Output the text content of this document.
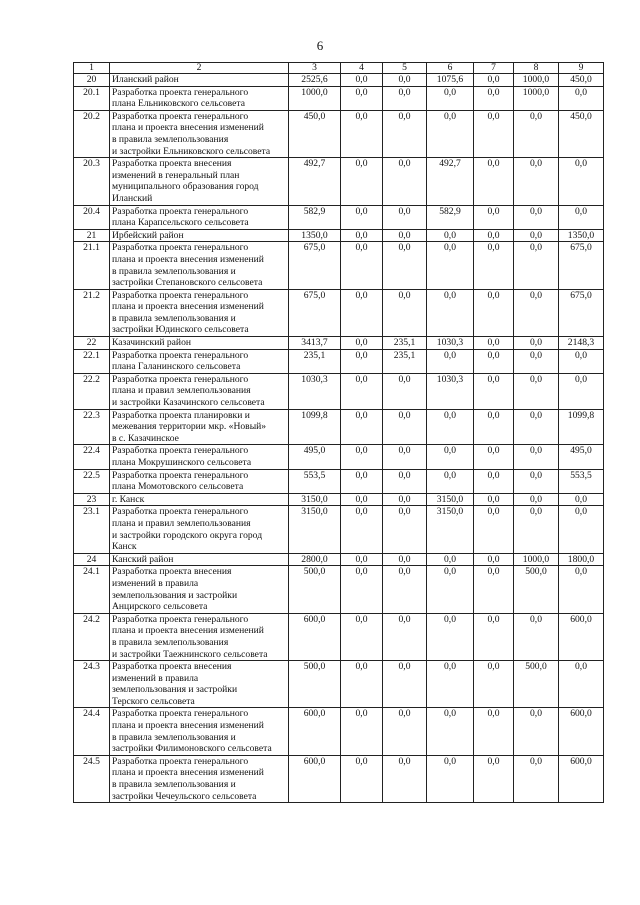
6
1	2	3	4	5	6	7	8	9
20	Иланский район	2525,6	0,0	0,0	1075,6	0,0	1000,0	450,0
20.1	Разработка проекта генерального
плана Ельниковского сельсовета	1000,0	0,0	0,0	0,0	0,0	1000,0	0,0
20.2	Разработка проекта генерального
плана и проекта внесения изменений
в правила землепользования
и застройки Ельниковского сельсовета	450,0	0,0	0,0	0,0	0,0	0,0	450,0
20.3	Разработка проекта внесения
изменений в генеральный план
муниципального образования город
Иланский	492,7	0,0	0,0	492,7	0,0	0,0	0,0
20.4	Разработка проекта генерального
плана Карапсельского сельсовета	582,9	0,0	0,0	582,9	0,0	0,0	0,0
21	Ирбейский район	1350,0	0,0	0,0	0,0	0,0	0,0	1350,0
21.1	Разработка проекта генерального
плана и проекта внесения изменений
в правила землепользования и
застройки Степановского сельсовета	675,0	0,0	0,0	0,0	0,0	0,0	675,0
21.2	Разработка проекта генерального
плана и проекта внесения изменений
в правила землепользования и
застройки Юдинского сельсовета	675,0	0,0	0,0	0,0	0,0	0,0	675,0
22	Казачинский район	3413,7	0,0	235,1	1030,3	0,0	0,0	2148,3
22.1	Разработка проекта генерального
плана Галанинского сельсовета	235,1	0,0	235,1	0,0	0,0	0,0	0,0
22.2	Разработка проекта генерального
плана и правил землепользования
и застройки Казачинского сельсовета	1030,3	0,0	0,0	1030,3	0,0	0,0	0,0
22.3	Разработка проекта планировки и
межевания территории мкр. «Новый»
в с. Казачинское	1099,8	0,0	0,0	0,0	0,0	0,0	1099,8
22.4	Разработка проекта генерального
плана Мокрушинского сельсовета	495,0	0,0	0,0	0,0	0,0	0,0	495,0
22.5	Разработка проекта генерального
плана Момотовского сельсовета	553,5	0,0	0,0	0,0	0,0	0,0	553,5
23	г. Канск	3150,0	0,0	0,0	3150,0	0,0	0,0	0,0
23.1	Разработка проекта генерального
плана и правил землепользования
и застройки городского округа город
Канск	3150,0	0,0	0,0	3150,0	0,0	0,0	0,0
24	Канский район	2800,0	0,0	0,0	0,0	0,0	1000,0	1800,0
24.1	Разработка проекта внесения
изменений в правила
землепользования и застройки
Анцирского сельсовета	500,0	0,0	0,0	0,0	0,0	500,0	0,0
24.2	Разработка проекта генерального
плана и проекта внесения изменений
в правила землепользования
и застройки Таежнинского сельсовета	600,0	0,0	0,0	0,0	0,0	0,0	600,0
24.3	Разработка проекта внесения
изменений в правила
землепользования и застройки
Терского сельсовета	500,0	0,0	0,0	0,0	0,0	500,0	0,0
24.4	Разработка проекта генерального
плана и проекта внесения изменений
в правила землепользования и
застройки Филимоновского сельсовета	600,0	0,0	0,0	0,0	0,0	0,0	600,0
24.5	Разработка проекта генерального
плана и проекта внесения изменений
в правила землепользования и
застройки Чечеульского сельсовета	600,0	0,0	0,0	0,0	0,0	0,0	600,0
